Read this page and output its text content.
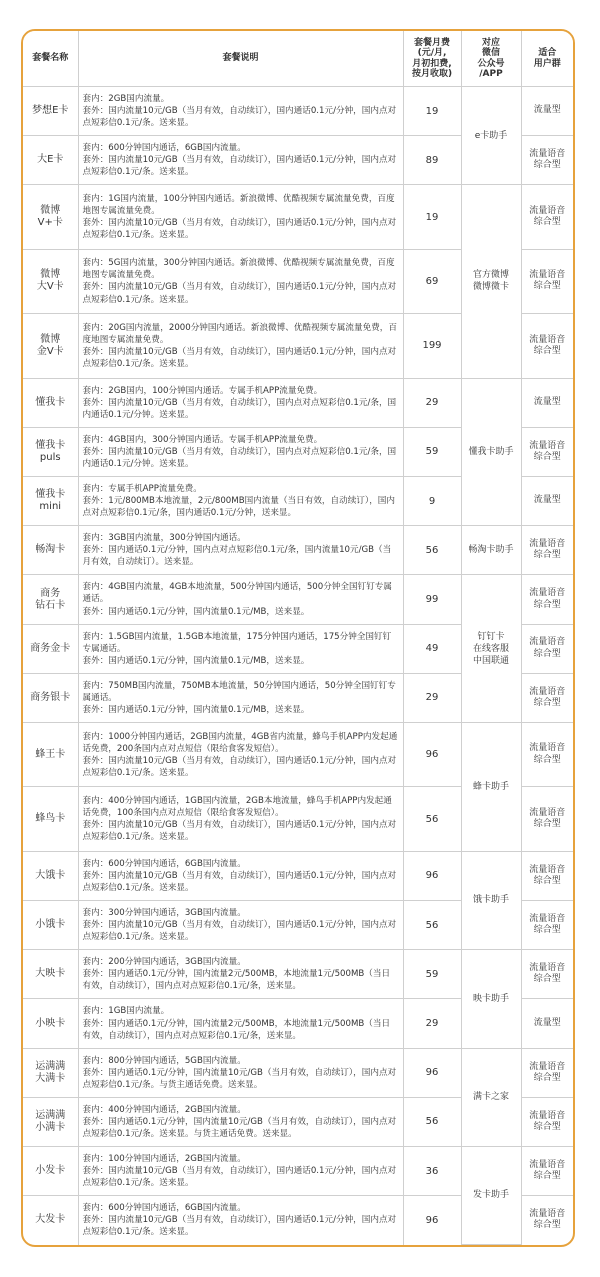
套餐名称	套餐说明	套餐月费
(元/月,
月初扣费,
按月收取)	对应
微信
公众号
/APP	适合
用户群
梦想E卡	套内：2GB国内流量。
套外：国内流量10元/GB（当月有效，自动续订），国内通话0.1元/分钟，国内点对点短彩信0.1元/条。送来显。	19	e卡助手	流量型
大E卡	套内：600分钟国内通话，6GB国内流量。
套外：国内流量10元/GB（当月有效，自动续订），国内通话0.1元/分钟，国内点对点短彩信0.1元/条。送来显。	89		流量语音
综合型
微博
V+卡	套内：1G国内流量，100分钟国内通话。新浪微博、优酷视频专属流量免费，百度地图专属流量免费。
套外：国内流量10元/GB（当月有效，自动续订），国内通话0.1元/分钟，国内点对点短彩信0.1元/条。送来显。	19	官方微博
微博微卡	流量语音
综合型
微博
大V卡	套内：5G国内流量，300分钟国内通话。新浪微博、优酷视频专属流量免费，百度地图专属流量免费。
套外：国内流量10元/GB（当月有效，自动续订），国内通话0.1元/分钟，国内点对点短彩信0.1元/条。送来显。	69		流量语音
综合型
微博
金V卡	套内：20G国内流量，2000分钟国内通话。新浪微博、优酷视频专属流量免费，百度地图专属流量免费。
套外：国内流量10元/GB（当月有效，自动续订），国内通话0.1元/分钟，国内点对点短彩信0.1元/条。送来显。	199		流量语音
综合型
懂我卡	套内：2GB国内，100分钟国内通话。专属手机APP流量免费。
套外：国内流量10元/GB（当月有效，自动续订），国内点对点短彩信0.1元/条，国内通话0.1元/分钟。送来显。	29	懂我卡助手	流量型
懂我卡
puls	套内：4GB国内，300分钟国内通话。专属手机APP流量免费。
套外：国内流量10元/GB（当月有效，自动续订），国内点对点短彩信0.1元/条，国内通话0.1元/分钟。送来显。	59		流量语音
综合型
懂我卡
mini	套内：专属手机APP流量免费。
套外：1元/800MB本地流量，2元/800MB国内流量（当日有效，自动续订），国内点对点短彩信0.1元/条，国内通话0.1元/分钟，送来显。	9		流量型
畅淘卡	套内：3GB国内流量，300分钟国内通话。
套外：国内通话0.1元/分钟，国内点对点短彩信0.1元/条，国内流量10元/GB（当月有效，自动续订）。送来显。	56	畅淘卡助手	流量语音
综合型
商务
钻石卡	套内：4GB国内流量，4GB本地流量，500分钟国内通话，500分钟全国钉钉专属通话。
套外：国内通话0.1元/分钟，国内流量0.1元/MB，送来显。	99	钉钉卡
在线客服
中国联通	流量语音
综合型
商务金卡	套内：1.5GB国内流量，1.5GB本地流量，175分钟国内通话，175分钟全国钉钉专属通话。
套外：国内通话0.1元/分钟，国内流量0.1元/MB，送来显。	49		流量语音
综合型
商务银卡	套内：750MB国内流量，750MB本地流量，50分钟国内通话，50分钟全国钉钉专属通话。
套外：国内通话0.1元/分钟，国内流量0.1元/MB，送来显。	29		流量语音
综合型
蜂王卡	套内：1000分钟国内通话，2GB国内流量，4GB省内流量，蜂鸟手机APP内发起通话免费，200条国内点对点短信（限给食客发短信）。
套外：国内流量10元/GB（当月有效，自动续订），国内通话0.1元/分钟，国内点对点短彩信0.1元/条。送来显。	96	蜂卡助手	流量语音
综合型
蜂鸟卡	套内：400分钟国内通话，1GB国内流量，2GB本地流量，蜂鸟手机APP内发起通话免费，100条国内点对点短信（限给食客发短信）。
套外：国内流量10元/GB（当月有效，自动续订），国内通话0.1元/分钟，国内点对点短彩信0.1元/条。送来显。	56		流量语音
综合型
大饿卡	套内：600分钟国内通话，6GB国内流量。
套外：国内流量10元/GB（当月有效，自动续订），国内通话0.1元/分钟，国内点对点短彩信0.1元/条。送来显。	96	饿卡助手	流量语音
综合型
小饿卡	套内：300分钟国内通话，3GB国内流量。
套外：国内流量10元/GB（当月有效，自动续订），国内通话0.1元/分钟，国内点对点短彩信0.1元/条。送来显。	56		流量语音
综合型
大映卡	套内：200分钟国内通话，3GB国内流量。
套外：国内通话0.1元/分钟，国内流量2元/500MB，本地流量1元/500MB（当日有效，自动续订），国内点对点短彩信0.1元/条，送来显。	59	映卡助手	流量语音
综合型
小映卡	套内：1GB国内流量。
套外：国内通话0.1元/分钟，国内流量2元/500MB，本地流量1元/500MB（当日有效，自动续订），国内点对点短彩信0.1元/条，送来显。	29		流量型
运满满
大满卡	套内：800分钟国内通话，5GB国内流量。
套外：国内通话0.1元/分钟，国内流量10元/GB（当月有效，自动续订），国内点对点短彩信0.1元/条。与货主通话免费。送来显。	96	满卡之家	流量语音
综合型
运满满
小满卡	套内：400分钟国内通话，2GB国内流量。
套外：国内通话0.1元/分钟，国内流量10元/GB（当月有效，自动续订），国内点对点短彩信0.1元/条。送来显。与货主通话免费。送来显。	56		流量语音
综合型
小发卡	套内：100分钟国内通话，2GB国内流量。
套外：国内流量10元/GB（当月有效，自动续订），国内通话0.1元/分钟，国内点对点短彩信0.1元/条。送来显。	36	发卡助手	流量语音
综合型
大发卡	套内：600分钟国内通话，6GB国内流量。
套外：国内流量10元/GB（当月有效，自动续订），国内通话0.1元/分钟，国内点对点短彩信0.1元/条。送来显。	96		流量语音
综合型
